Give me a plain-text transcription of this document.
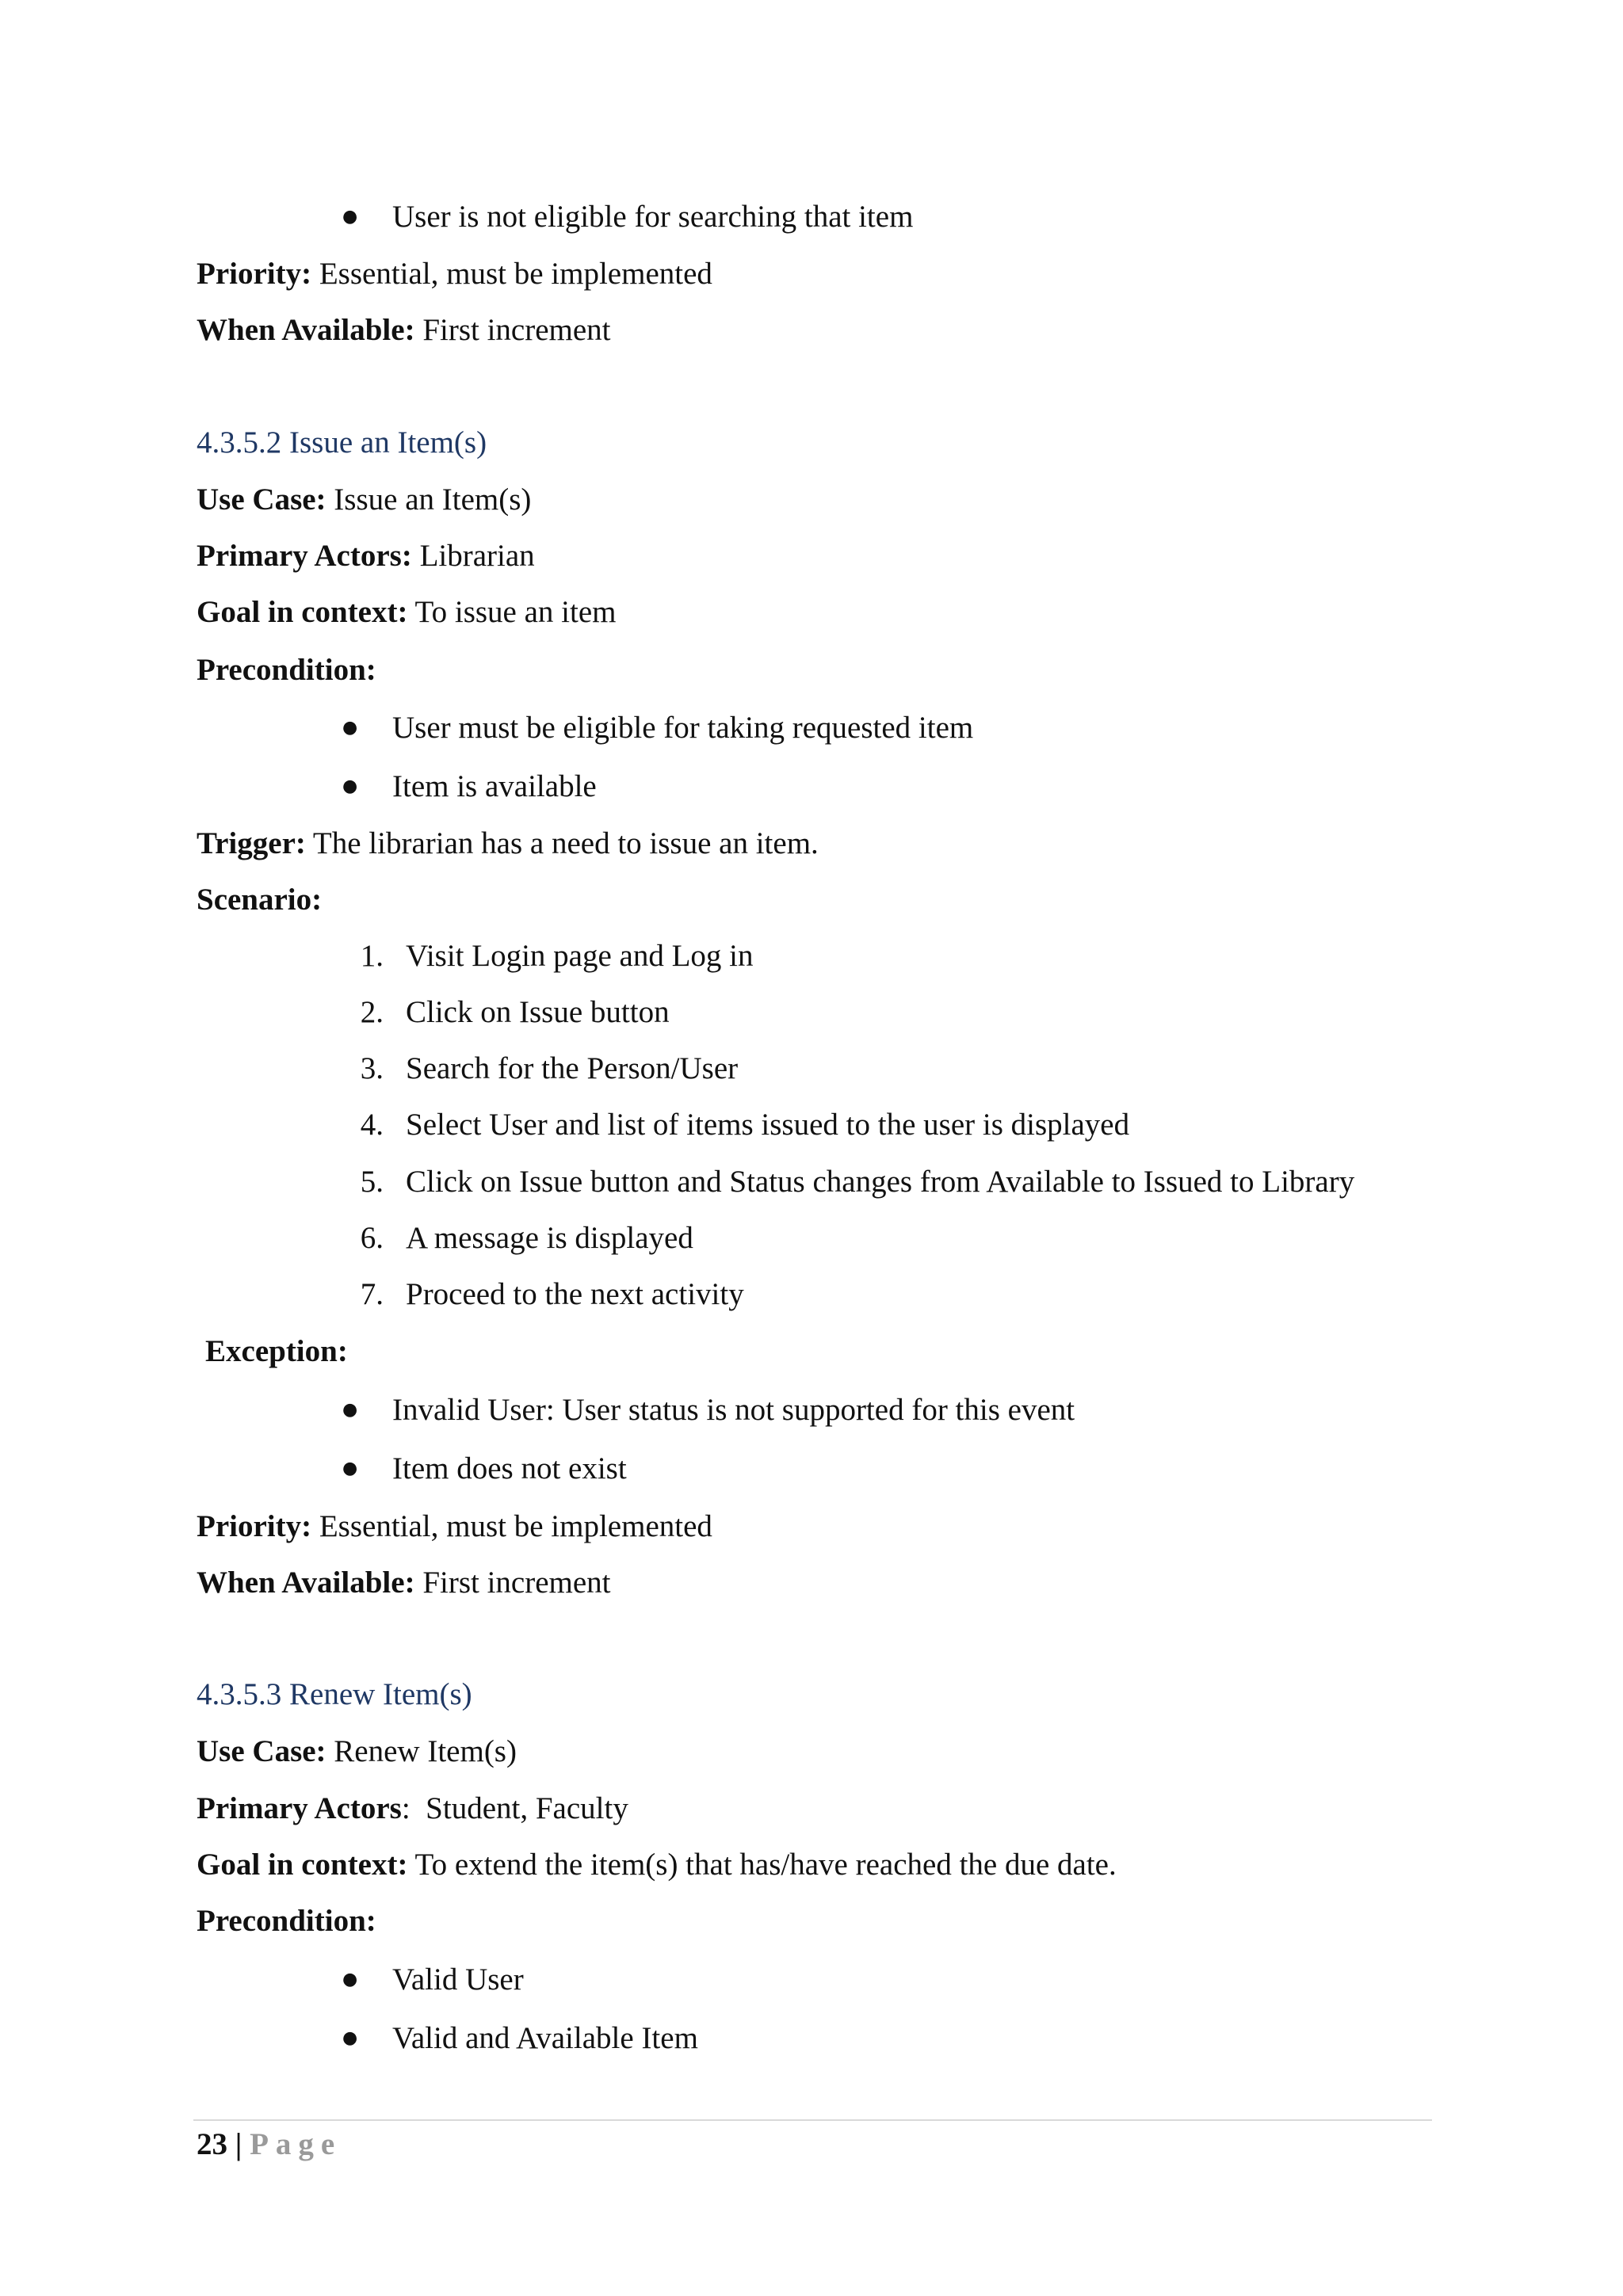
● User is not eligible for searching that item
Priority: Essential, must be implemented
When Available: First increment
4.3.5.2 Issue an Item(s)
Use Case: Issue an Item(s)
Primary Actors: Librarian
Goal in context: To issue an item
Precondition:
● User must be eligible for taking requested item
● Item is available
Trigger: The librarian has a need to issue an item.
Scenario:
1. Visit Login page and Log in
2. Click on Issue button
3. Search for the Person/User
4. Select User and list of items issued to the user is displayed
5. Click on Issue button and Status changes from Available to Issued to Library
6. A message is displayed
7. Proceed to the next activity
Exception:
● Invalid User: User status is not supported for this event
● Item does not exist
Priority: Essential, must be implemented
When Available: First increment
4.3.5.3 Renew Item(s)
Use Case: Renew Item(s)
Primary Actors:  Student, Faculty
Goal in context: To extend the item(s) that has/have reached the due date.
Precondition:
● Valid User
● Valid and Available Item
23 | Page
